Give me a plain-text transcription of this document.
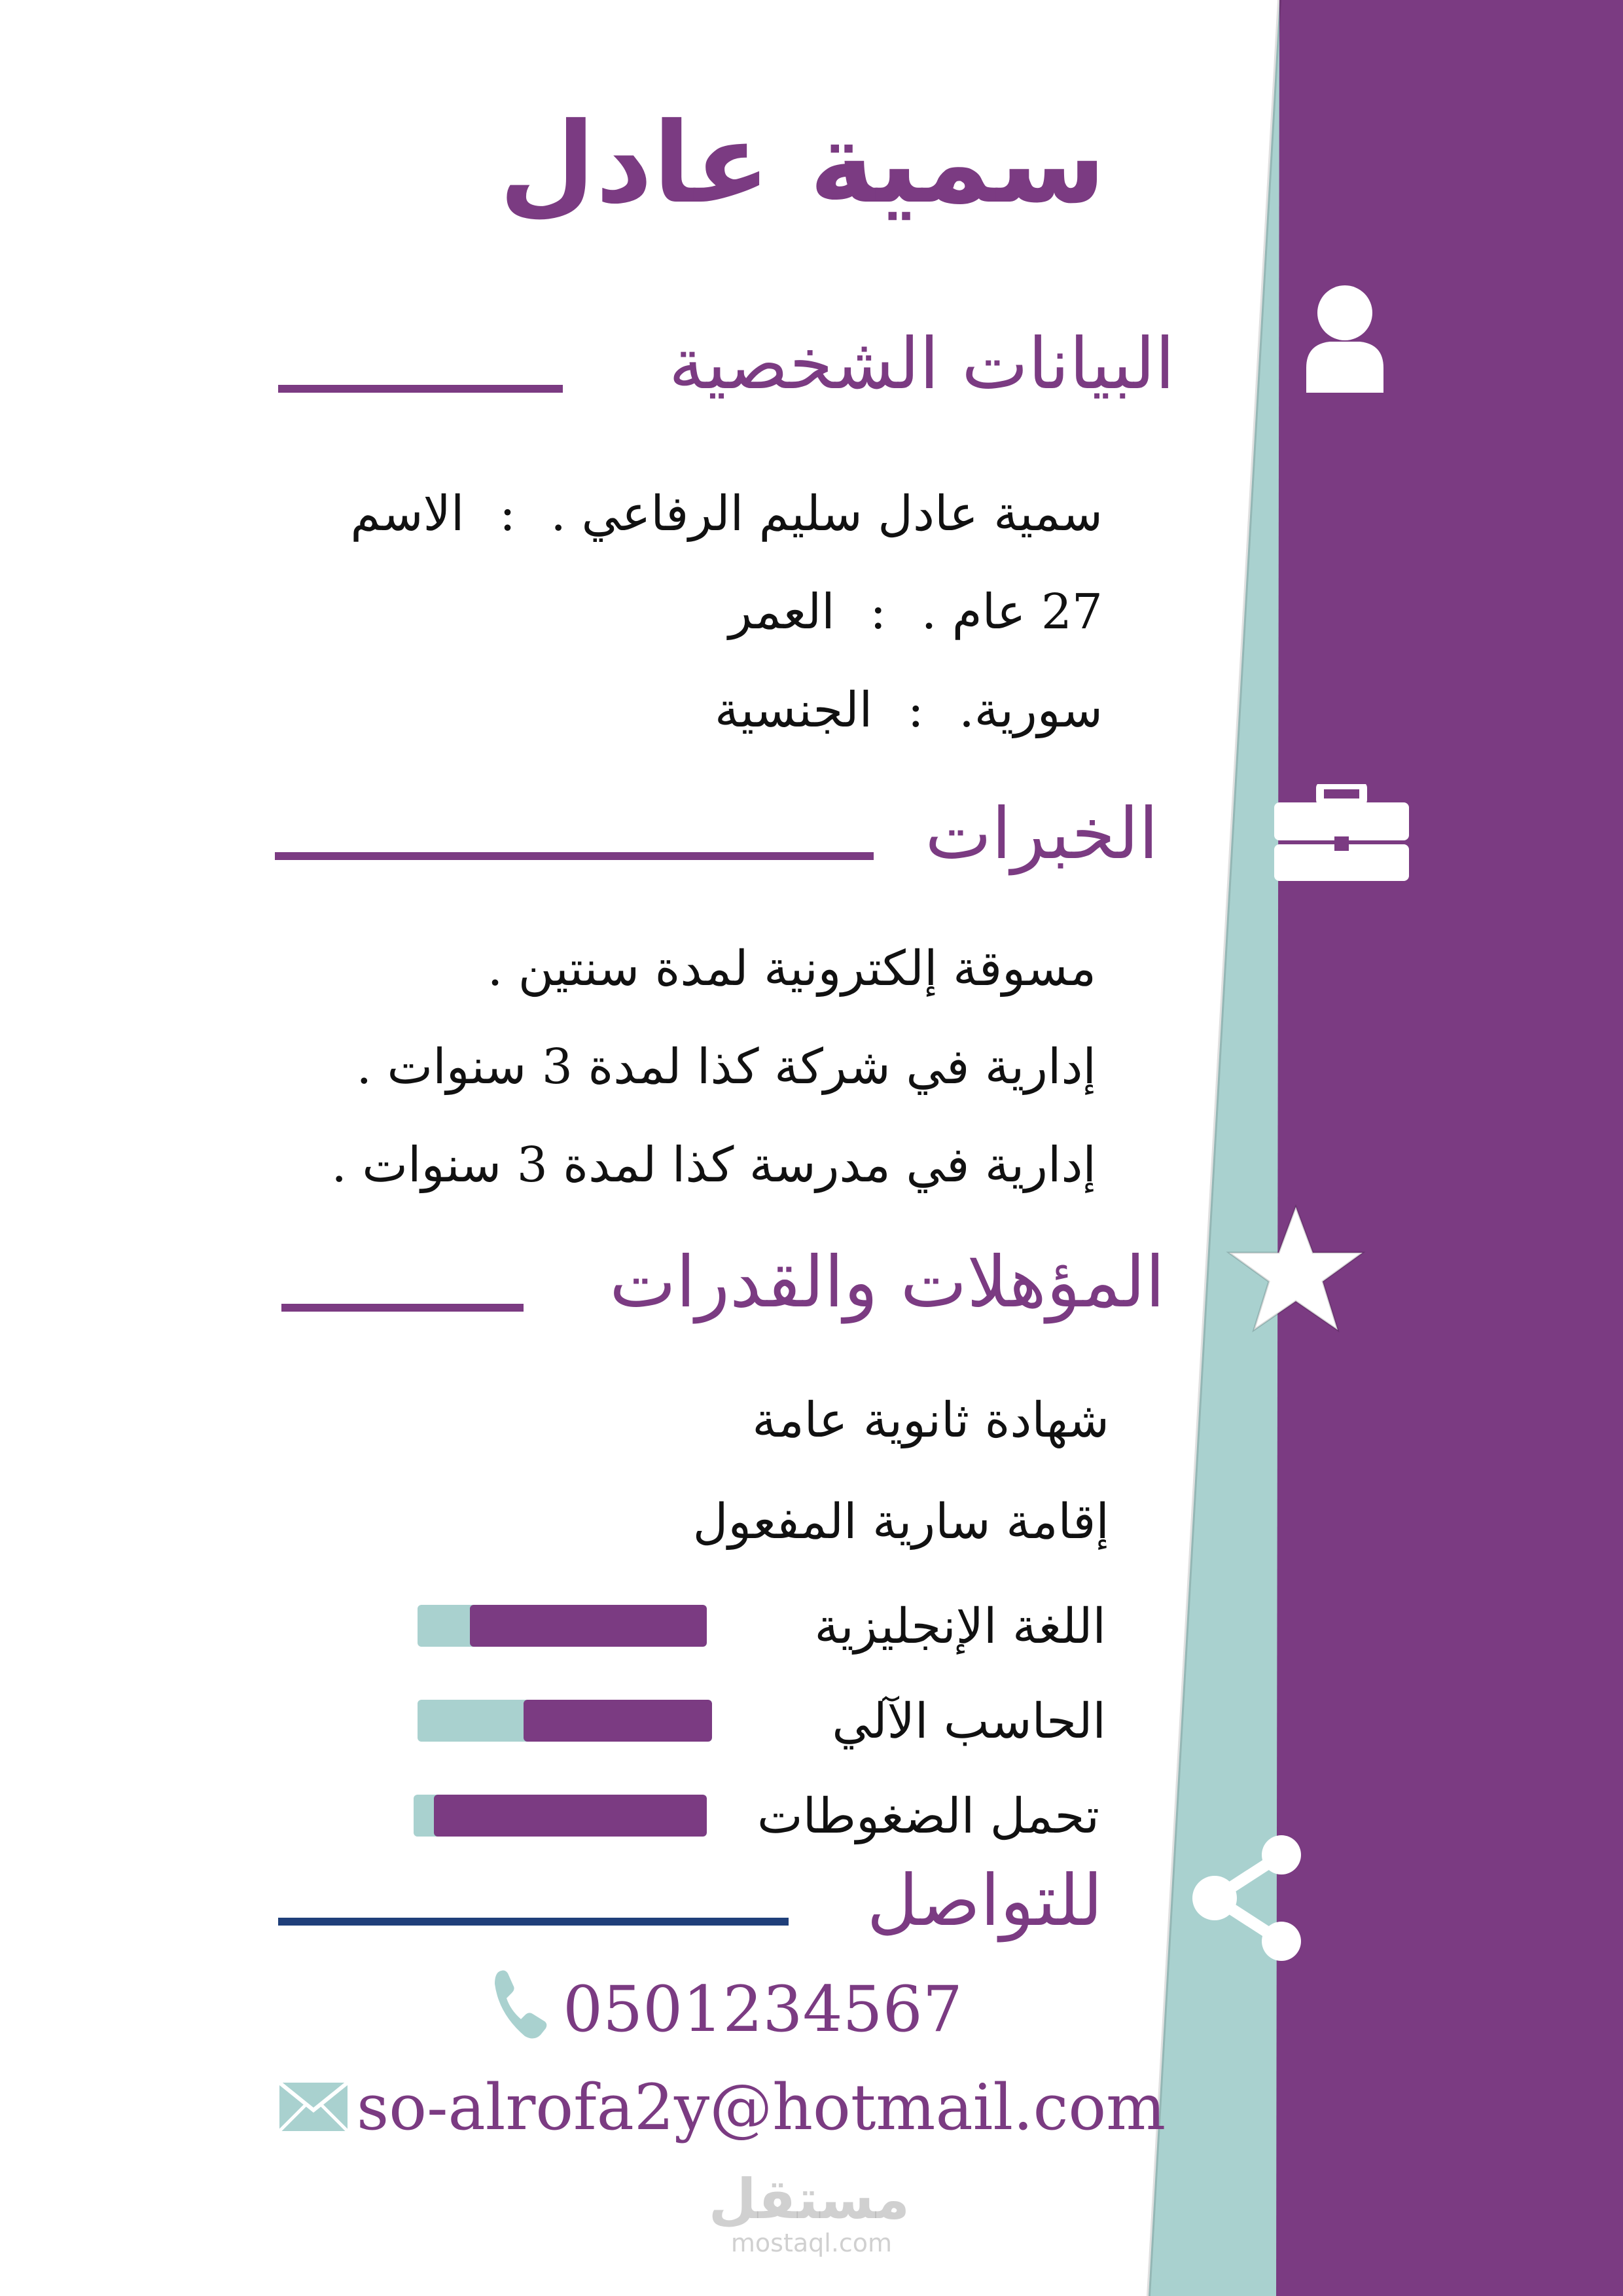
سمية عادل
البيانات الشخصية
الاسم : سمية عادل سليم الرفاعي .
العمر : 27 عام .
الجنسية : سورية.
الخبرات
مسوقة إلكترونية لمدة سنتين .
إدارية في شركة كذا لمدة 3 سنوات .
إدارية في مدرسة كذا لمدة 3 سنوات .
المؤهلات والقدرات
شهادة ثانوية عامة
إقامة سارية المفعول
اللغة الإنجليزية
الحاسب الآلي
تحمل الضغوطات
للتواصل
0501234567
so-alrofa2y@hotmail.com
مستقل
mostaql.com
